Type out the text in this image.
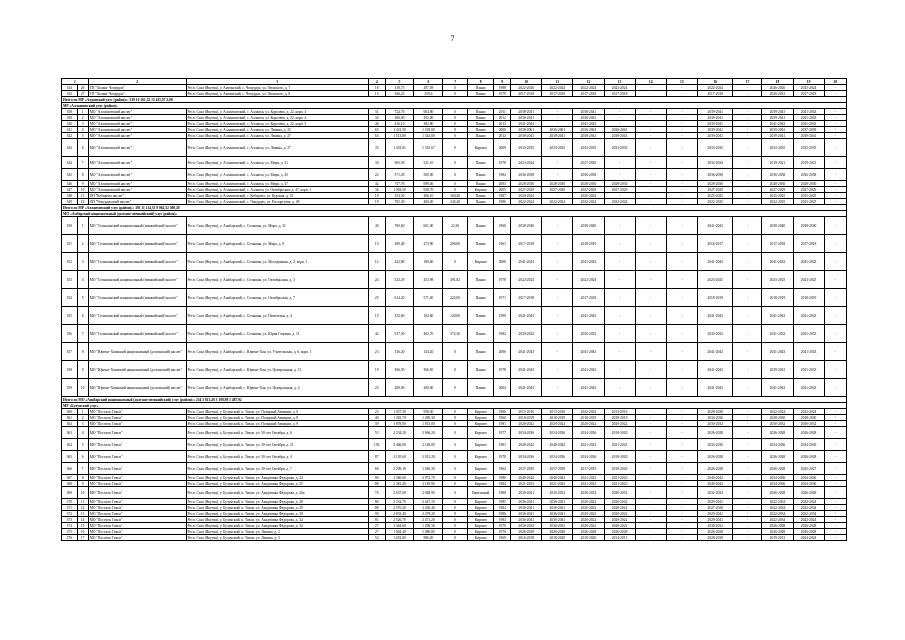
7
1		2	3	4	5	6	7	8	9	10	11	12	13	14	15	16	17	18	19	20
334	26	ТП "Холанг Чопурдах"	Респ. Саха (Якутия), у. Амгинский, с. Чопурдах, ул. Оюнского, д. 7	18	318,73	297,59	0	Панно	1988	2022-2026	2022-2024	2022-2024	2022-2024	-	-	2022-2024	-	2026-2026	2025-2024	-
335	27	ТП "Холанг Чопурдах"	Респ. Саха (Якутия), у. Амгинский, с. Чопурдах, ул. Оюнского, д. 8	15	366,23	329,6	0	Панно	1979	2017-2018	2017-2018	2017-2018	2017-2018	-	-	2017-2018	-	2026-2031	2017-2018	-
Итого по МР «Алданский улус (район)»: 539 16 161,52 13 435,97 2,00																				
МР «Аллаиховский улус (район)»																				
338	1	МО "Аллаиховский наслег"	Респ. Саха (Якутия), у. Аллаиховский, с. Аллаиха, ул. Королёва, д. 22, корп. 3	31	724,70	664,80	0	Панно	2011	2038-2041	-	2038-2041	-	-	-	2039-2041	-	2039-2041	2041-2043	-
339	2	МО "Аллаиховский наслег"	Респ. Саха (Якутия), у. Аллаиховский, с. Аллаиха, ул. Королёва, д. 22, корп. 4	34	366,00	292,00	0	Панно	2012	2038-2041	-	2038-2041	-	-	-	2039-2041	-	2039-2041	2041-2043	-
340	3	МО "Аллаиховский наслег"	Респ. Саха (Якутия), у. Аллаиховский, с. Аллаиха, ул. Королёва, д. 22, корп. 5	46	416,10	382,80	0	Панно	2013	2041-2043	-	2041-2043	-	-	-	2039-2041	-	2041-2043	2041-2043	-
341	4	МО "Аллаиховский наслег"	Респ. Саха (Якутия), у. Аллаиховский, с. Аллаиха, ул. Ленина, д. 25	65	1 431,50	1 318,00	0	Панно	2008	2038-2061	2036-2061	2036-2061	2036-2061	-	-	2039-2041	-	2039-2061	2037-2039	-
342	5	МО "Аллаиховский наслег"	Респ. Саха (Якутия), у. Аллаиховский, с. Аллаиха, ул. Ленина, д. 27	63	1 513,80	1 343,00	0	Панно	2012	2038-2041	2038-2041	2038-2041	2038-2041	-	-	2039-2041	-	2039-2041	2039-2041	-
343	6	МО "Аллаиховский наслег"	Респ. Саха (Якутия), у. Аллаиховский, с. Аллаиха, ул. Ленина, д. 27	35	1 453,01	1 335,67	0	Кирпич	2009	2033-2035	2033-2035	2033-2035	2033-2035	-	-	2033-2035	-	2033-2035	2033-2035	-
344	7	МО "Аллаиховский наслег"	Респ. Саха (Якутия), у. Аллаиховский, с. Аллаиха, ул. Мира, д. 31	30	565,58	521,10	0	Панно	1978	2023-2024	-	2027-2029	-	-	-	2032-2034	-	2019-2021	2019-2021	-
345	8	МО "Аллаиховский наслег"	Респ. Саха (Якутия), у. Аллаиховский, с. Аллаиха, ул. Мира, д. 45	22	571,29	500,00	0	Панно	1984	2036-2038	-	2036-2038	-	-	-	2036-2038	-	2036-2038	2036-2038	-
346	9	МО "Аллаиховский наслег"	Респ. Саха (Якутия), у. Аллаиховский, с. Аллаиха, ул. Мира, д. 47	42	757,76	699,46	0	Панно	2003	2028-2030	2028-2030	2028-2030	2028-2030	-	-	2028-2030	-	2028-2030	2028-2030	-
347	10	МО "Аллаиховский наслег"	Респ. Саха (Якутия), у. Аллаиховский, с. Аллаиха, ул. Октябрьская, д. 47, корп. 1	36	1 002,50	938,70	0	Кирпич	2005	2027-2029	2027-2029	2027-2029	2027-2029	-	-	2027-2029	-	2027-2029	2027-2029	-
348	11	ОП "Кебиргил наслег"	Респ. Саха (Якутия), у. Аллаиховский, с. Кебиргил, ул. Курская, д. 35	18	354,50	406,10	160,40	Панно	1987	2020-2024	-	2020-2024	-	-	-	2025-2025	-	2025-2025	2025-2025	-
349	12	ОП "Чокурдахский наслег"	Респ. Саха (Якутия), у. Аллаиховский, с. Чокурдах, ул. Расторгуева, д. 48	19	705,30	400,40	245,40	Панно	1986	2022-2024	2022-2024	2022-2024	2022-2024	-	-	2022-2025	-	2022-2025	2023-2025	-
Итого по МР «Аллаиховский улус (район)»: 393 11 114,33 9 062,52 300,20																				
МО «Амбарский национальный (долгано-эвенкийский) улус (район)»																				
350	1	МО "Селышакский национальный (эвенкийский) наслег"	Респ. Саха (Якутия), у. Анабарский, с. Селышак, ул. Мира, д. 31	40	700,60	601,00	22,30	Панно	1960	2038-2040	-	2038-2040	-	-	-	2041-2043	-	2038-2040	2038-2040	-
351	2	МО "Селышакский национальный (эвенкийский) наслег"	Респ. Саха (Якутия), у. Анабарский, с. Селышак, ул. Мира, д. 8	19	380,40	273,90	200,00	Панно	1961	2017-2018	-	2018-2016	-	-	-	2016-2017	-	2017-2018	2017-2018	-
352	3	МО "Селышакский национальный (эвенкийский) наслег"	Респ. Саха (Якутия), у. Анабарский, с. Селышак, ул. Молодежная, д. 2, корп. 1	12	222,80	186,60	0	Кирпич	2006	2041-2043	-	2041-2043	-	-	-	2041-2043	-	2041-2043	2041-2043	-
353	4	МО "Селышакский национальный (эвенкийский) наслег"	Респ. Саха (Якутия), у. Анабарский, с. Селышак, ул. Октябрьская, д. 3	24	523,29	453,98	391,82	Панно	1978	2022-2024	-	2022-2024	-	-	-	2023-2025	-	2023-2025	2023-2025	-
354	5	МО "Селышакский национальный (эвенкийский) наслег"	Респ. Саха (Якутия), у. Анабарский, с. Селышак, ул. Октябрьская, д. 7	25	614,20	571,40	223,00	Панно	1971	2017-2018	-	2017-2018	-	-	-	2018-2019	-	2018-2019	2018-2019	-
355	6	МО "Селышакский национальный (эвенкийский) наслег"	Респ. Саха (Якутия), у. Анабарский, с. Селышак, ул. Пятилетки, д. 4	15	352,60	162,60	120,00	Панно	1990	2041-2043	-	2041-2043	-	-	-	2041-2043	-	2041-2043	2041-2043	-
356	7	МО "Селышакский национальный (эвенкийский) наслег"	Респ. Саха (Якутия), у. Анабарский, с. Селышак, ул. Юрия Гагрина, д. 11	42	917,30	482,70	372,30	Панно	1982	2030-2032	-	2030-2032	-	-	-	2030-2032	-	2031-2033	2031-2033	-
357	8	МО "Юрюнг-Хаинский национальный (долганский) наслег"	Респ. Саха (Якутия), у. Анабарский, с. Юрюнг-Хая, ул. Учительская, д. 6, корп. 1	23	136,20	134,20	0	Панно	2006	2041-2043	-	2041-2043	-	-	-	2041-2043	-	2041-2043	2041-2043	-
358	9	МО "Юрюнг-Хаинский национальный (долганский) наслег"	Респ. Саха (Якутия), у. Анабарский, с. Юрюнг-Хая, ул. Центральная, д. 13	19	366,50	366,50	0	Панно	1978	2041-2043	-	2041-2043	-	-	-	2041-2043	-	2039-2041	2031-2033	-
359	10	МО "Юрюнг-Хаинский национальный (долганский) наслег"	Респ. Саха (Якутия), у. Анабарский, с. Юрюнг-Хая, ул. Центральная, д. 4	25	200,00	200,00	0	Панно	2004	2041-2043	-	2041-2043	-	-	-	2041-2043	-	2041-2043	2041-2043	-
Итого по МО «Анабарский национальный (долгано-эвенкийский) улус (район)»: 234 3 813,40 3 198,98 1 487,92																				
МР «Булунский улус»																				
360	1	МО "Поселок Тикси"	Респ. Саха (Якутия), у. Булунский, п. Тикси, ул. Полярной Авиации, д. 6	25	1 027,30	958,30	0	Кирпич	1966	2015-2016	2013-2016	2022-2024	2013-2016	-	-	2028-2030	-	2022-2024	2022-2024	-
361	2	МО "Поселок Тикси"	Респ. Саха (Якутия), у. Булунский, п. Тикси, ул. Полярной Авиации, д. 8	40	1 381,70	1 280,30	0	Кирпич	1960	2018-2019	2018-2019	2018-2019	2018-2019	-	-	2034-2036	-	2028-2030	2028-2030	-
362	3	МО "Поселок Тикси"	Респ. Саха (Якутия), у. Булунский, п. Тикси, ул. Полярной Авиации, д. 9	39	1 878,00	1 815,00	0	Кирпич	1981	2020-2022	2020-2022	2020-2022	2020-2022	-	-	2030-2032	-	2030-2032	2030-2032	-
363	4	МО "Поселок Тикси"	Респ. Саха (Якутия), у. Булунский, п. Тикси, ул. 50-лет Октября, д. 6	53	2 234,20	2 066,20	0	Кирпич	1977	2034-2036	2034-2036	2034-2036	2018-2020	-	-	2026-2028	-	2026-2028	2026-2028	-
364	5	МО "Поселок Тикси"	Респ. Саха (Якутия), у. Булунский, п. Тикси, ул. 50-лет Октября, д. 21	103	2 466,00	2 148,00	0	Кирпич	1981	2040-2042	2040-2042	2021-2023	2021-2023	-	-	2034-2036	-	2034-2036	2034-2036	-
365	6	МО "Поселок Тикси"	Респ. Саха (Якутия), у. Булунский, п. Тикси, ул. 50-лет Октября, д. 4	87	2 105,60	2 031,20	0	Кирпич	1970	2034-2036	2034-2036	2034-2036	2018-2020	-	-	2026-2028	-	2026-2028	2026-2028	-
366	7	МО "Поселок Тикси"	Респ. Саха (Якутия), у. Булунский, п. Тикси, ул. 50-лет Октября, д. 7	66	2 209,10	1 946,30	0	Кирпич	1964	2037-2039	2037-2039	2017-2019	2018-2020	-	-	2026-2028	-	2026-2028	2025-2027	-
367	8	МО "Поселок Тикси"	Респ. Саха (Якутия), у. Булунский, п. Тикси, ул. Академика Фёдорова, д. 24	90	2 366,60	2 072,70	0	Кирпич	1986	2040-2042	2040-2042	2021-2023	2021-2023	-	-	2040-2042	-	2034-2036	2034-2036	-
368	9	МО "Поселок Тикси"	Респ. Саха (Якутия), у. Булунский, п. Тикси, ул. Академика Фёдорова, д. 25	88	2 381,40	2 149,90	0	Кирпич	1984	2021-2023	2021-2023	2021-2023	2021-2023	-	-	2040-2042	-	2034-2036	2034-2036	-
369	10	МО "Поселок Тикси"	Респ. Саха (Якутия), у. Булунский, п. Тикси, ул. Академика Фёдорова, д. 26а	76	2 637,60	2 028,90	0	Панельный	1988	2030-2041	2030-2032	2030-2032	2030-2032	-	-	2032-2034	-	2026-2028	2026-2028	-
370	11	МО "Поселок Тикси"	Респ. Саха (Якутия), у. Булунский, п. Тикси, ул. Академика Фёдорова, д. 28	86	2 332,70	2 447,10	0	Кирпич	1985	2036-2041	2036-2041	2020-2022	2020-2022	-	-	2029-2041	-	2022-2034	2022-2024	-
371	12	МО "Поселок Тикси"	Респ. Саха (Якутия), у. Булунский, п. Тикси, ул. Академика Фёдорова, д. 29	88	2 570,20	2 436,40	0	Кирпич	1982	2036-2041	2036-2041	2020-2022	2020-2022	-	-	2027-2029	-	2022-2034	2022-2034	-
372	13	МО "Поселок Тикси"	Респ. Саха (Якутия), у. Булунский, п. Тикси, ул. Академика Фёдорова, д. 30	90	2 833,40	2 478,20	0	Кирпич	1986	2036-2041	2036-2041	2020-2022	2020-2022	-	-	2029-2041	-	2022-2034	2022-2034	-
373	14	МО "Поселок Тикси"	Респ. Саха (Якутия), у. Булунский, п. Тикси, ул. Академика Фёдорова, д. 32	81	2 526,70	2 471,20	0	Кирпич	1983	2036-2041	2036-2041	2020-2022	2020-2022	-	-	2029-2041	-	2022-2034	2022-2024	-
374	15	МО "Поселок Тикси"	Респ. Саха (Якутия), у. Булунский, п. Тикси, ул. Академика Фёдорова, д. 34	27	1 444,60	1 298,30	0	Кирпич	1979	2030-2032	2030-2032	2020-2022	2020-2022	-	-	2030-2032	-	2026-2028	2026-2028	-
375	16	МО "Поселок Тикси"	Респ. Саха (Якутия), у. Булунский, п. Тикси, ул. Ленина, д. 2	27	1 064,40	1 086,80	0	Кирпич	1970	2026-2028	2026-2028	2026-2028	2026-2028	-	-	2026-2028	-	2026-2028	2026-2028	-
376	17	МО "Поселок Тикси"	Респ. Саха (Якутия), у. Булунский, п. Тикси, ул. Ленина, д. 3	52	1 652,00	986,20	0	Кирпич	1969	2016-2018	2018-2020	2018-2020	2014-2015	-	-	2028-2030	-	2019-2013	2024-2024	-
